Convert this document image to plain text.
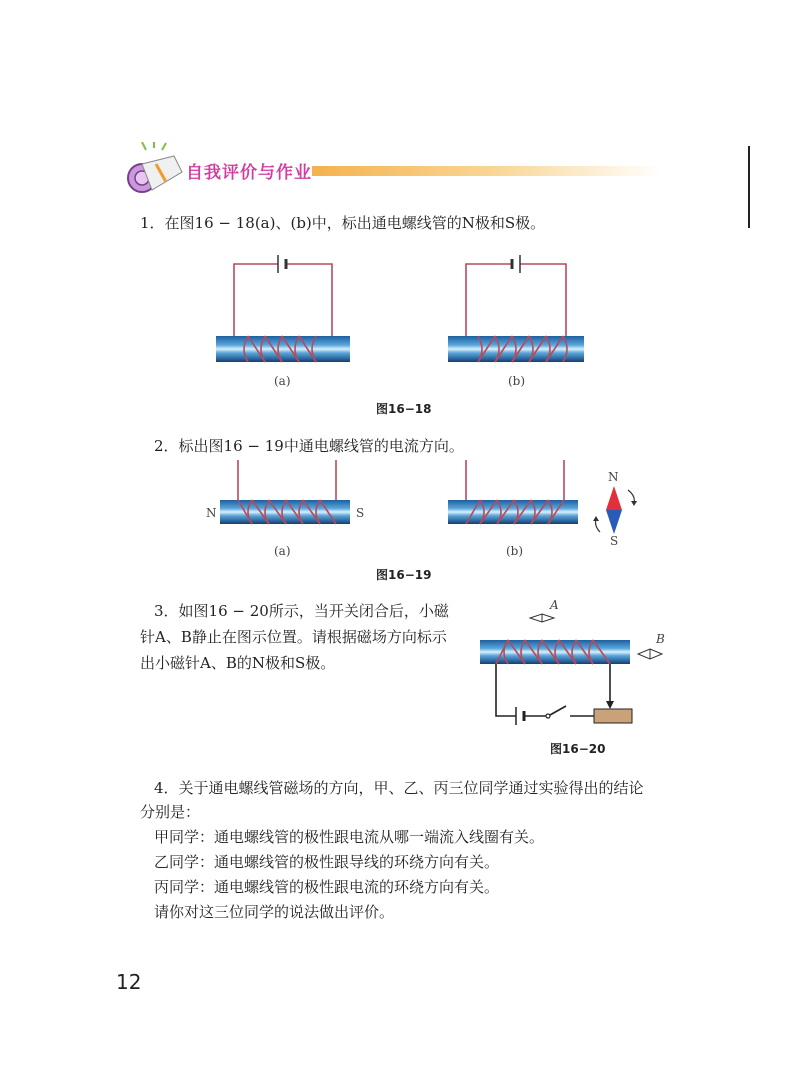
自我评价与作业
1．在图16 − 18(a)、(b)中，标出通电螺线管的N极和S极。
(a)	(b)
图16−18
2．标出图16 − 19中通电螺线管的电流方向。
N	S
(a)	(b)
N
S
图16−19
3．如图16 − 20所示，当开关闭合后，小磁
针A、B静止在图示位置。请根据磁场方向标示
出小磁针A、B的N极和S极。
A
B
图16−20
4．关于通电螺线管磁场的方向，甲、乙、丙三位同学通过实验得出的结论
分别是：
甲同学：通电螺线管的极性跟电流从哪一端流入线圈有关。
乙同学：通电螺线管的极性跟导线的环绕方向有关。
丙同学：通电螺线管的极性跟电流的环绕方向有关。
请你对这三位同学的说法做出评价。
12
